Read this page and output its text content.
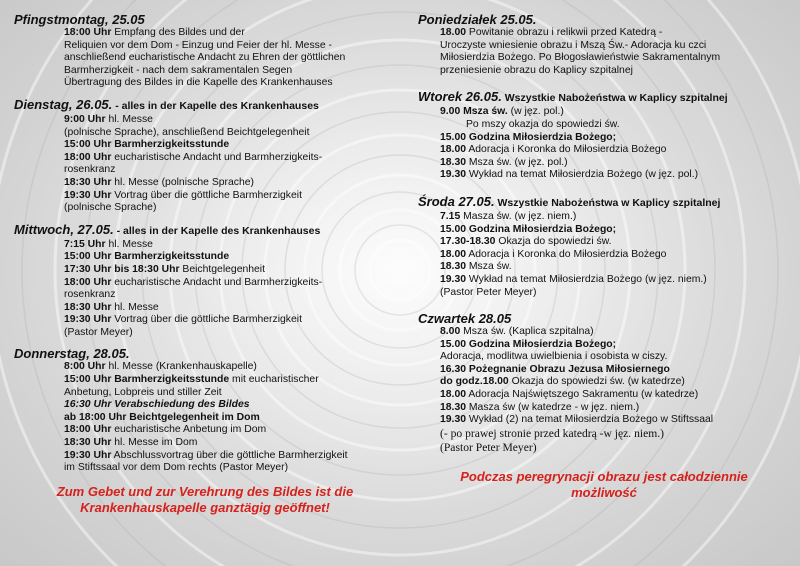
Pfingstmontag, 25.05
18:00 Uhr Empfang des Bildes und der
Reliquien vor dem Dom - Einzug und Feier der hl. Messe -
anschließend eucharistische Andacht zu Ehren der göttlichen
Barmherzigkeit - nach dem sakramentalen Segen
Übertragung des Bildes in die Kapelle des Krankenhauses
Dienstag, 26.05. - alles in der Kapelle des Krankenhauses
9:00 Uhr hl. Messe
(polnische Sprache), anschließend Beichtgelegenheit
15:00 Uhr Barmherzigkeitsstunde
18:00 Uhr eucharistische Andacht und Barmherzigkeits-
rosenkranz
18:30 Uhr hl. Messe (polnische Sprache)
19:30 Uhr Vortrag über die göttliche Barmherzigkeit
(polnische Sprache)
Mittwoch, 27.05. - alles in der Kapelle des Krankenhauses
7:15 Uhr hl. Messe
15:00 Uhr Barmherzigkeitsstunde
17:30 Uhr bis 18:30 Uhr Beichtgelegenheit
18:00 Uhr eucharistische Andacht und Barmherzigkeits-
rosenkranz
18:30 Uhr hl. Messe
19:30 Uhr Vortrag über die göttliche Barmherzigkeit
(Pastor Meyer)
Donnerstag, 28.05.
8:00 Uhr hl. Messe (Krankenhauskapelle)
15:00 Uhr Barmherzigkeitsstunde mit eucharistischer
Anbetung, Lobpreis und stiller Zeit
16:30 Uhr Verabschiedung des Bildes
ab 18:00 Uhr Beichtgelegenheit im Dom
18:00 Uhr eucharistische Anbetung im Dom
18:30 Uhr hl. Messe im Dom
19:30 Uhr Abschlussvortrag über die göttliche Barmherzigkeit
im Stiftssaal vor dem Dom rechts (Pastor Meyer)
Zum Gebet und zur Verehrung des Bildes ist die
Krankenhauskapelle ganztägig geöffnet!
Poniedziałek 25.05.
18.00 Powitanie obrazu i relikwii przed Katedrą -
Uroczyste wniesienie obrazu i Mszą Św.- Adoracja ku czci
Miłosierdzia Bożego. Po Błogosławieństwie Sakramentalnym
przeniesienie obrazu do Kaplicy szpitalnej
Wtorek 26.05. Wszystkie Nabożeństwa w Kaplicy szpitalnej
9.00 Msza św. (w jęz. pol.)
Po mszy okazja do spowiedzi św.
15.00 Godzina Miłosierdzia Bożego;
18.00 Adoracja i Koronka do Miłosierdzia Bożego
18.30 Msza św. (w jęz. pol.)
19.30 Wykład na temat Miłosierdzia Bożego (w jęz. pol.)
Środa 27.05. Wszystkie Nabożeństwa w Kaplicy szpitalnej
7.15 Masza św. (w jęz. niem.)
15.00 Godzina Miłosierdzia Bożego;
17.30-18.30 Okazja do spowiedzi św.
18.00 Adoracja i Koronka do Miłosierdzia Bożego
18.30 Msza św.
19.30 Wykład na temat Miłosierdzia Bożego (w jęz. niem.)
(Pastor Peter Meyer)
Czwartek 28.05
8.00 Msza św. (Kaplica szpitalna)
15.00 Godzina Miłosierdzia Bożego;
Adoracja, modlitwa uwielbienia i osobista w ciszy.
16.30 Pożegnanie Obrazu Jezusa Miłosiernego
do godz.18.00 Okazja do spowiedzi św. (w katedrze)
18.00 Adoracja Najświętszego Sakramentu (w katedrze)
18.30 Masza św (w katedrze - w jęz. niem.)
19.30 Wykład (2) na temat Miłosierdzia Bożego w Stiftssaal
(- po prawej stronie przed katedrą -w jęz. niem.)
(Pastor Peter Meyer)
Podczas peregrynacji obrazu jest całodziennie
możliwość
